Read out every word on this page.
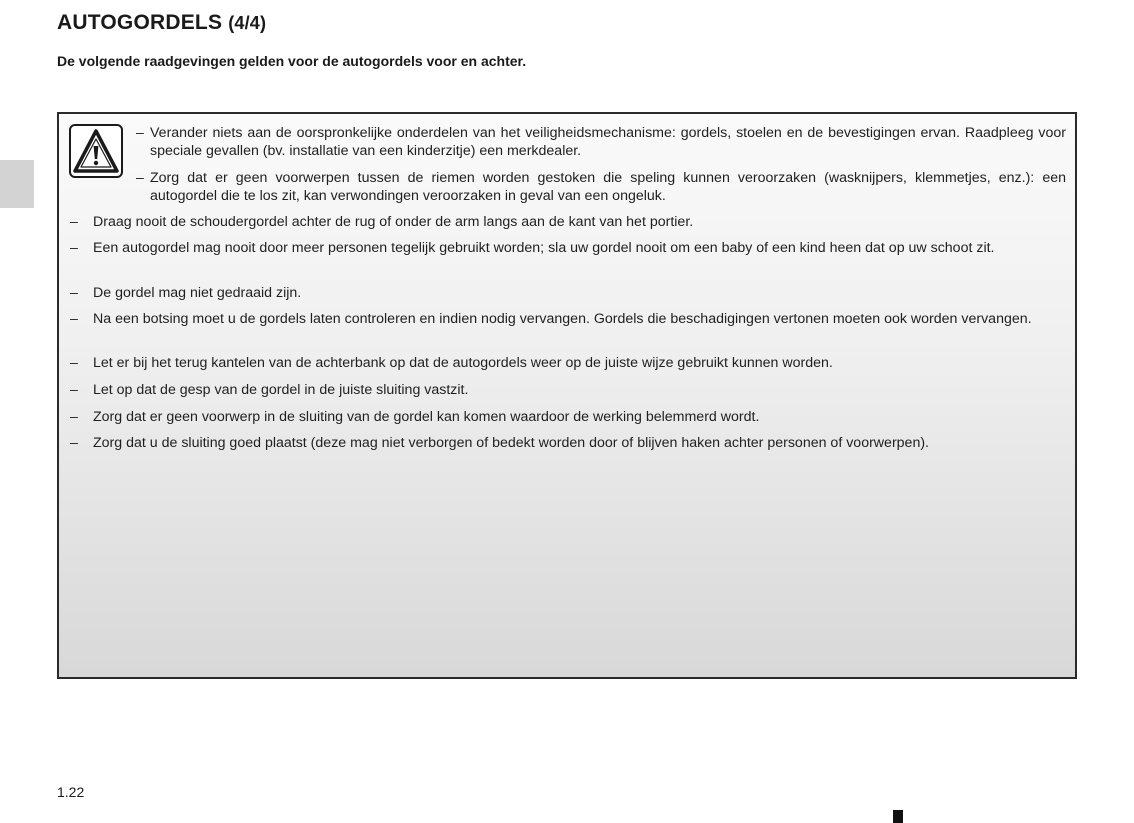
AUTOGORDELS (4/4)

De volgende raadgevingen gelden voor de autogordels voor en achter.

– Verander niets aan de oorspronkelijke onderdelen van het veiligheidsmechanisme: gordels, stoelen en de bevestigingen ervan. Raadpleeg voor speciale gevallen (bv. installatie van een kinderzitje) een merkdealer.
– Zorg dat er geen voorwerpen tussen de riemen worden gestoken die speling kunnen veroorzaken (wasknijpers, klemmetjes, enz.): een autogordel die te los zit, kan verwondingen veroorzaken in geval van een ongeluk.
– Draag nooit de schoudergordel achter de rug of onder de arm langs aan de kant van het portier.
– Een autogordel mag nooit door meer personen tegelijk gebruikt worden; sla uw gordel nooit om een baby of een kind heen dat op uw schoot zit.
– De gordel mag niet gedraaid zijn.
– Na een botsing moet u de gordels laten controleren en indien nodig vervangen. Gordels die beschadigingen vertonen moeten ook worden vervangen.
– Let er bij het terug kantelen van de achterbank op dat de autogordels weer op de juiste wijze gebruikt kunnen worden.
– Let op dat de gesp van de gordel in de juiste sluiting vastzit.
– Zorg dat er geen voorwerp in de sluiting van de gordel kan komen waardoor de werking belemmerd wordt.
– Zorg dat u de sluiting goed plaatst (deze mag niet verborgen of bedekt worden door of blijven haken achter personen of voorwerpen).
1.22
